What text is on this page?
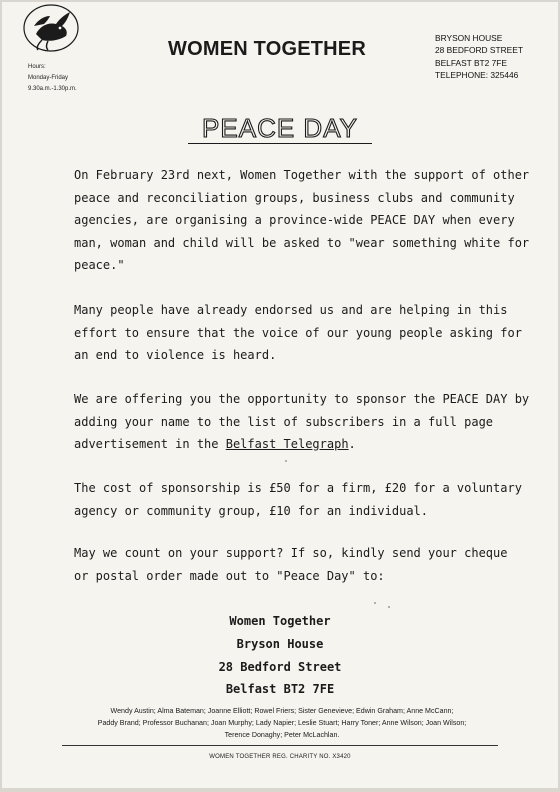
Hours:
Monday-Friday
9.30a.m.-1.30p.m.
WOMEN TOGETHER	BRYSON HOUSE
28 BEDFORD STREET
BELFAST BT2 7FE
TELEPHONE: 325446
PEACE DAY

On February 23rd next, Women Together with the support of other
peace and reconciliation groups, business clubs and community
agencies, are organising a province-wide PEACE DAY when every
man, woman and child will be asked to "wear something white for
peace."

Many people have already endorsed us and are helping in this
effort to ensure that the voice of our young people asking for
an end to violence is heard.

We are offering you the opportunity to sponsor the PEACE DAY by
adding your name to the list of subscribers in a full page
advertisement in the Belfast Telegraph.

The cost of sponsorship is £50 for a firm, £20 for a voluntary
agency or community group, £10 for an individual.

May we count on your support? If so, kindly send your cheque
or postal order made out to "Peace Day" to:

Women Together
Bryson House
28 Bedford Street
Belfast BT2 7FE
Wendy Austin; Alma Bateman; Joanne Elliott; Rowel Friers; Sister Genevieve; Edwin Graham; Anne McCann;
Paddy Brand; Professor Buchanan; Joan Murphy; Lady Napier; Leslie Stuart; Harry Toner; Anne Wilson; Joan Wilson;
Terence Donaghy; Peter McLachlan.
WOMEN TOGETHER REG. CHARITY NO. X3420
